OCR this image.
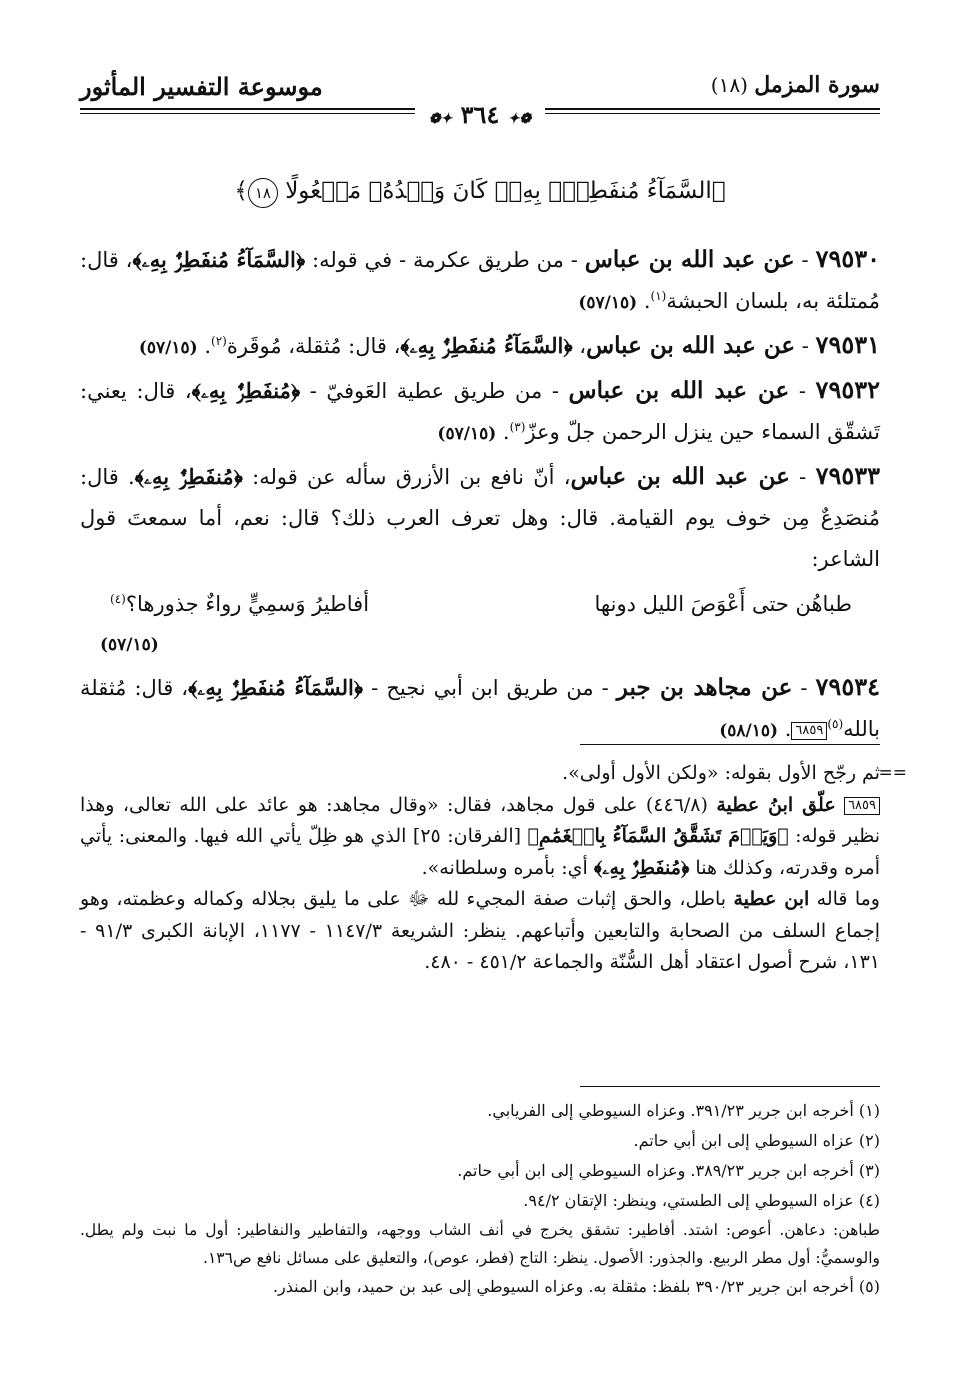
موسوعة التفسير المأثور	سورة المزمل (١٨)
❁✦ ٣٦٤ ✦❁
﴿السَّمَآءُ مُنفَطِرٌۢ بِهِۦۚ كَانَ وَعۡدُهُۥ مَفۡعُولًا ١٨﴾
٧٩٥٣٠ - عن عبد الله بن عباس - من طريق عكرمة - في قوله: ﴿السَّمَآءُ مُنفَطِرٌۢ بِهِۦ﴾، قال: مُمتلئة به، بلسان الحبشة$^{(١)}$. (٥٧/١٥)
٧٩٥٣١ - عن عبد الله بن عباس، ﴿السَّمَآءُ مُنفَطِرٌۢ بِهِۦ﴾، قال: مُثقلة، مُوقَرة$^{(٢)}$. (٥٧/١٥)
٧٩٥٣٢ - عن عبد الله بن عباس - من طريق عطية العَوفيّ - ﴿مُنفَطِرٌۢ بِهِۦ﴾، قال: يعني: تَشقّق السماء حين ينزل الرحمن جلّ وعزّ$^{(٣)}$. (٥٧/١٥)
٧٩٥٣٣ - عن عبد الله بن عباس، أنّ نافع بن الأزرق سأله عن قوله: ﴿مُنفَطِرٌۢ بِهِۦ﴾. قال: مُنصَدِعٌ مِن خوف يوم القيامة. قال: وهل تعرف العرب ذلك؟ قال: نعم، أما سمعتَ قول الشاعر:
طباهُن حتى أَعْوَصَ الليل دونها
أفاطيرُ وَسمِيٍّ رواءٌ جذورها؟$^{(٤)}$
(٥٧/١٥)
٧٩٥٣٤ - عن مجاهد بن جبر - من طريق ابن أبي نجيح - ﴿السَّمَآءُ مُنفَطِرٌۢ بِهِۦ﴾، قال: مُثقلة بالله$^{(٥)}$٦٨٥٩. (٥٨/١٥)
==

ثم رجّح الأول بقوله: «ولكن الأول أولى».

٦٨٥٩ علّق ابنُ عطية (٤٤٦/٨) على قول مجاهد، فقال: «وقال مجاهد: هو عائد على الله تعالى، وهذا نظير قوله: ﴿وَيَوۡمَ تَشَقَّقُ السَّمَآءُ بِالۡغَمَٰمِ﴾ [الفرقان: ٢٥] الذي هو ظِلّ يأتي الله فيها. والمعنى: يأتي أمره وقدرته، وكذلك هنا ﴿مُنفَطِرٌۢ بِهِۦ﴾ أي: بأمره وسلطانه».

وما قاله ابن عطية باطل، والحق إثبات صفة المجيء لله ﷻ على ما يليق بجلاله وكماله وعظمته، وهو إجماع السلف من الصحابة والتابعين وأتباعهم. ينظر: الشريعة ١١٤٧/٣ - ١١٧٧، الإبانة الكبرى ٩١/٣ - ١٣١، شرح أصول اعتقاد أهل السُّنّة والجماعة ٤٥١/٢ - ٤٨٠.

(١) أخرجه ابن جرير ٣٩١/٢٣. وعزاه السيوطي إلى الفريابي.

(٢) عزاه السيوطي إلى ابن أبي حاتم.

(٣) أخرجه ابن جرير ٣٨٩/٢٣. وعزاه السيوطي إلى ابن أبي حاتم.

(٤) عزاه السيوطي إلى الطستي، وينظر: الإتقان ٩٤/٢.

طباهن: دعاهن. أعوص: اشتد. أفاطير: تشقق يخرج في أنف الشاب ووجهه، والتفاطير والنفاطير: أول ما نبت ولم يطل. والوسميُّ: أول مطر الربيع. والجذور: الأصول. ينظر: التاج (فطر، عوص)، والتعليق على مسائل نافع ص١٣٦.

(٥) أخرجه ابن جرير ٣٩٠/٢٣ بلفظ: مثقلة به. وعزاه السيوطي إلى عبد بن حميد، وابن المنذر.
